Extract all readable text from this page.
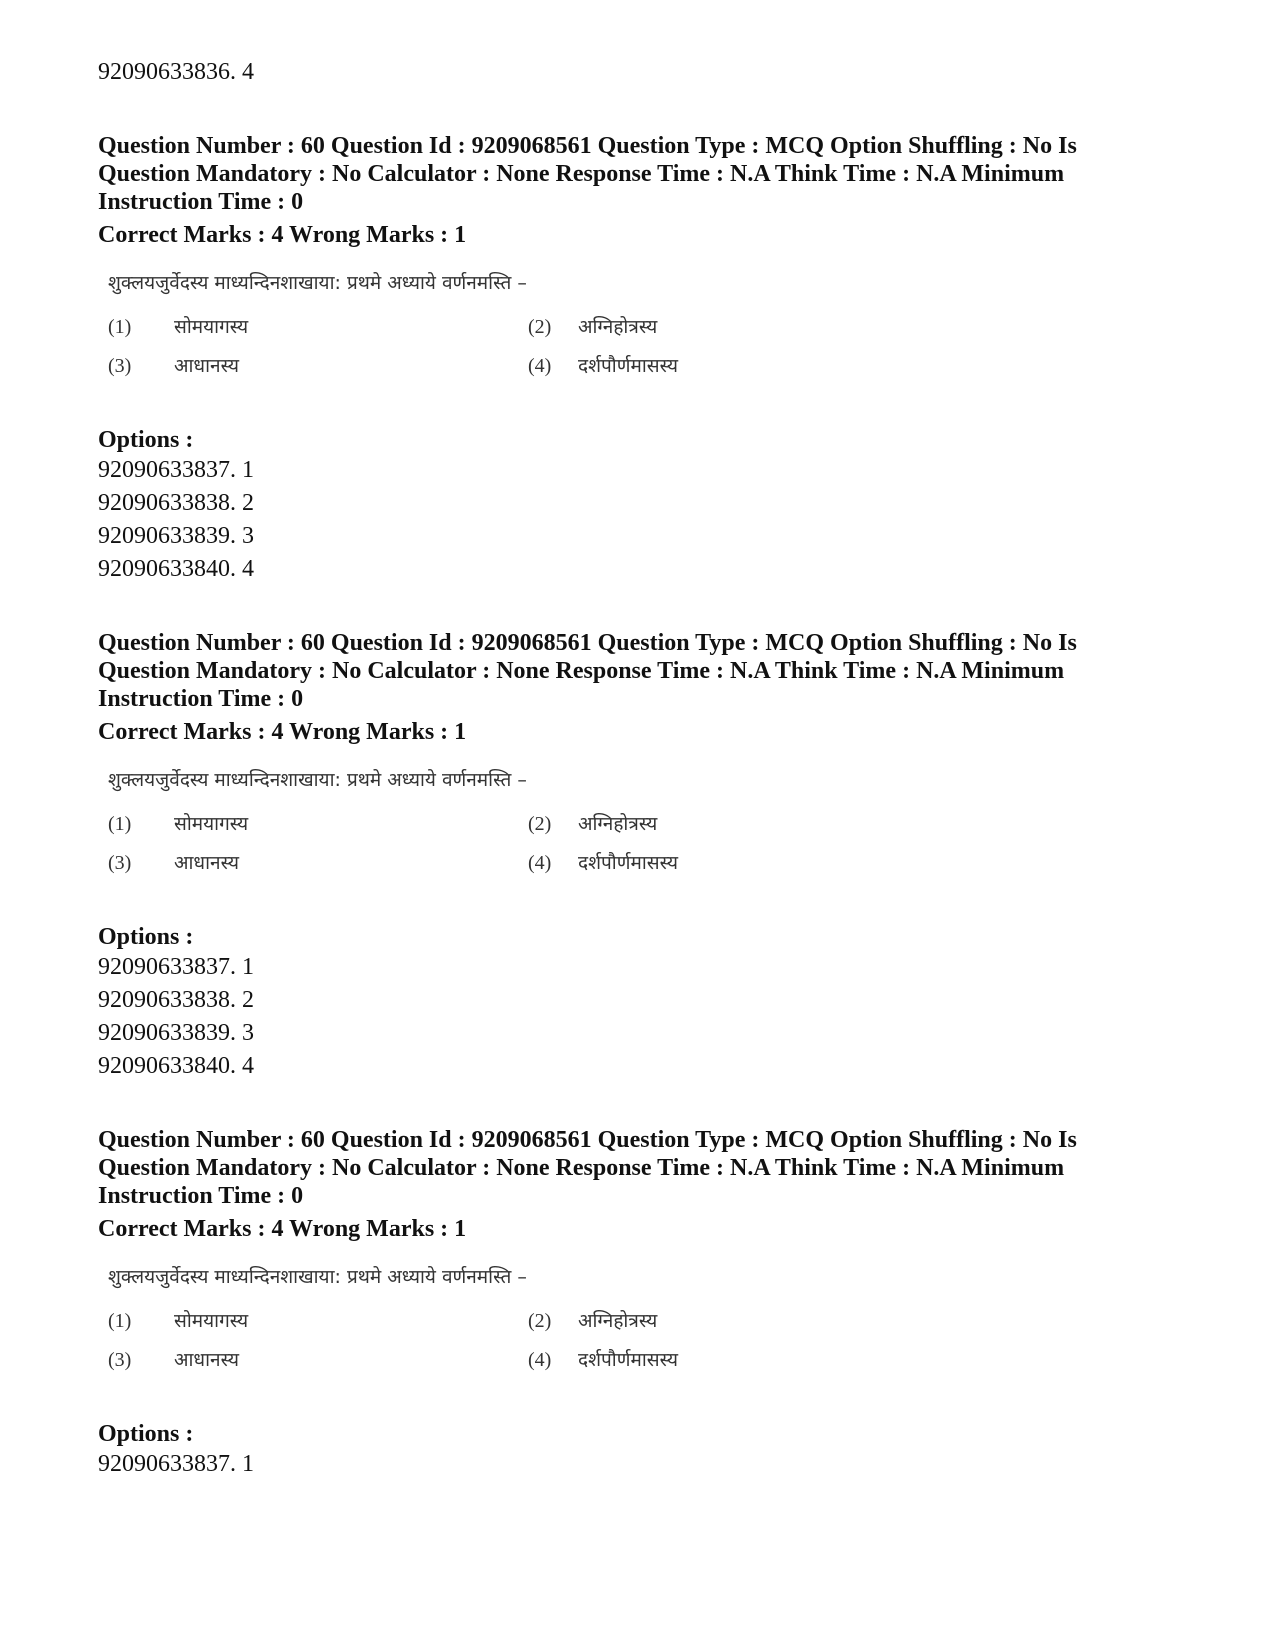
92090633836. 4

Question Number : 60 Question Id : 9209068561 Question Type : MCQ Option Shuffling : No Is

Question Mandatory : No Calculator : None Response Time : N.A Think Time : N.A Minimum

Instruction Time : 0

Correct Marks : 4 Wrong Marks : 1

शुक्लयजुर्वेदस्य माध्यन्दिनशाखाया: प्रथमे अध्याये वर्णनमस्ति –
(1) सोमयागस्य	(2) अग्निहोत्रस्य
(3) आधानस्य	(4) दर्शपौर्णमासस्य

Options :

92090633837. 1

92090633838. 2

92090633839. 3

92090633840. 4

Question Number : 60 Question Id : 9209068561 Question Type : MCQ Option Shuffling : No Is

Question Mandatory : No Calculator : None Response Time : N.A Think Time : N.A Minimum

Instruction Time : 0

Correct Marks : 4 Wrong Marks : 1

शुक्लयजुर्वेदस्य माध्यन्दिनशाखाया: प्रथमे अध्याये वर्णनमस्ति –
(1) सोमयागस्य	(2) अग्निहोत्रस्य
(3) आधानस्य	(4) दर्शपौर्णमासस्य

Options :

92090633837. 1

92090633838. 2

92090633839. 3

92090633840. 4

Question Number : 60 Question Id : 9209068561 Question Type : MCQ Option Shuffling : No Is

Question Mandatory : No Calculator : None Response Time : N.A Think Time : N.A Minimum

Instruction Time : 0

Correct Marks : 4 Wrong Marks : 1

शुक्लयजुर्वेदस्य माध्यन्दिनशाखाया: प्रथमे अध्याये वर्णनमस्ति –
(1) सोमयागस्य	(2) अग्निहोत्रस्य
(3) आधानस्य	(4) दर्शपौर्णमासस्य

Options :

92090633837. 1
